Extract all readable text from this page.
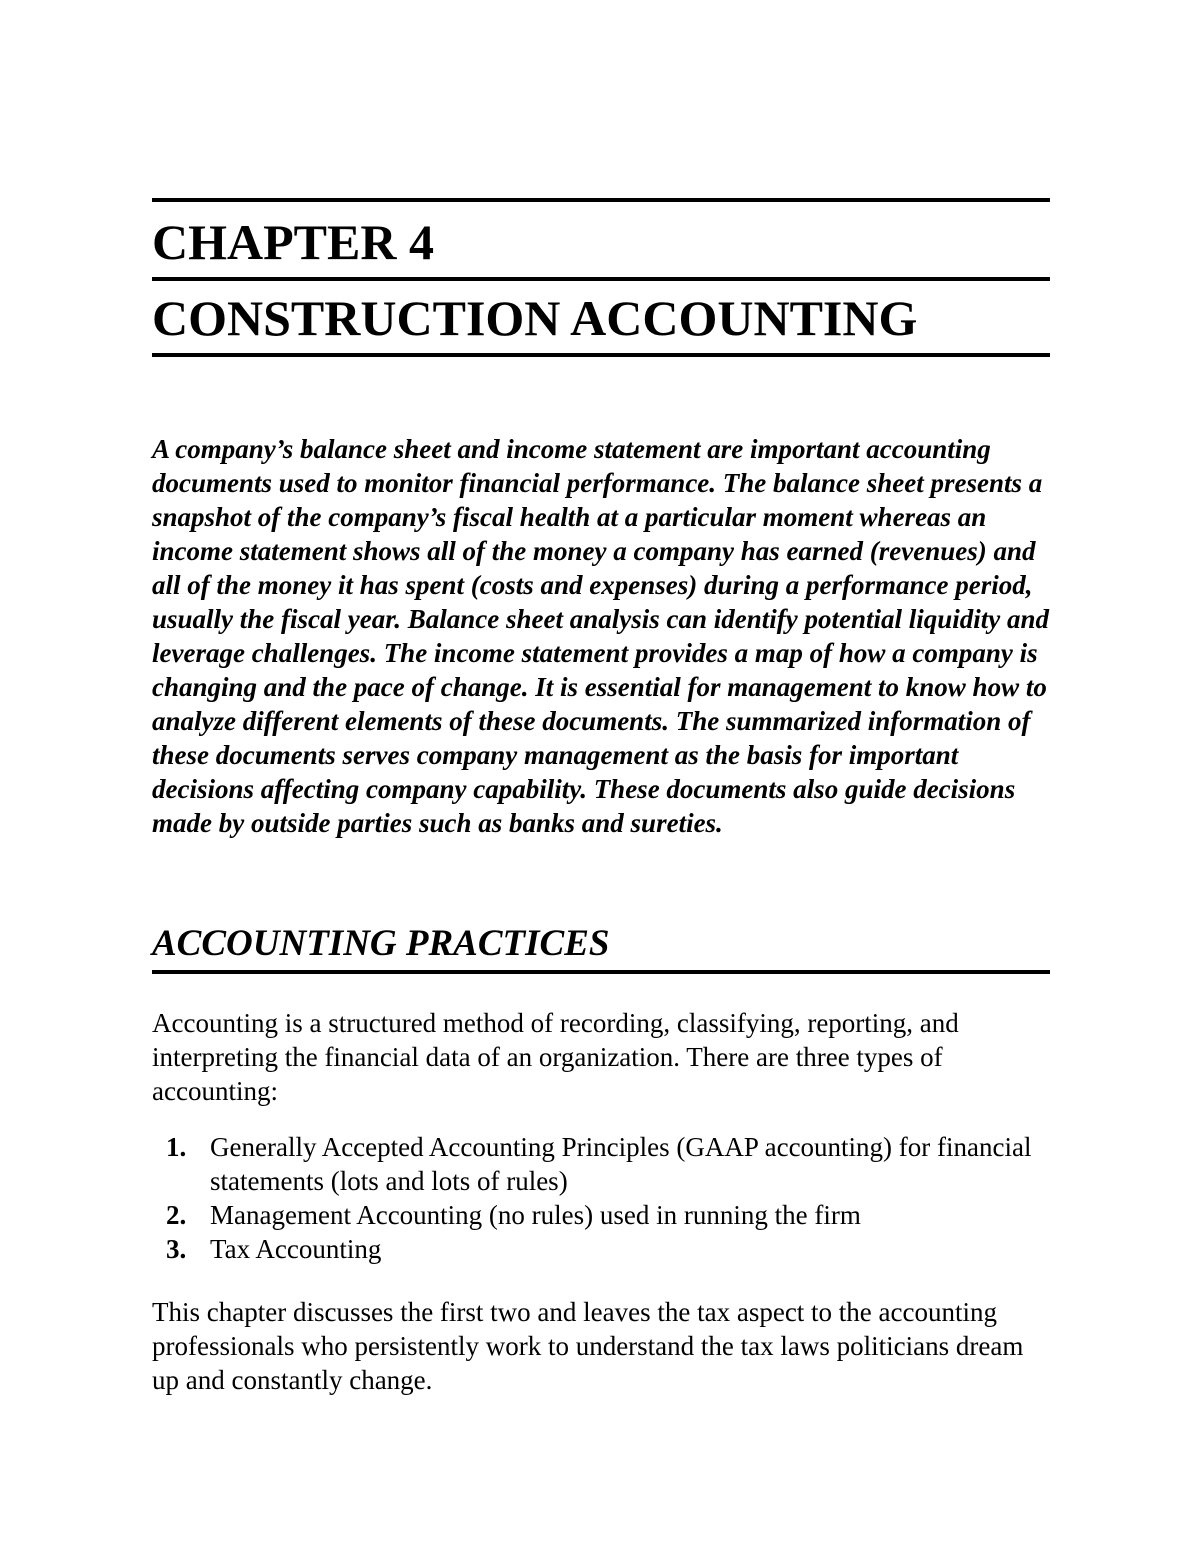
CHAPTER 4
CONSTRUCTION ACCOUNTING

A company’s balance sheet and income statement are important accounting documents used to monitor financial performance. The balance sheet presents a snapshot of the company’s fiscal health at a particular moment whereas an income statement shows all of the money a company has earned (revenues) and all of the money it has spent (costs and expenses) during a performance period, usually the fiscal year. Balance sheet analysis can identify potential liquidity and leverage challenges. The income statement provides a map of how a company is changing and the pace of change. It is essential for management to know how to analyze different elements of these documents. The summarized information of these documents serves company management as the basis for important decisions affecting company capability. These documents also guide decisions made by outside parties such as banks and sureties.

ACCOUNTING PRACTICES

Accounting is a structured method of recording, classifying, reporting, and interpreting the financial data of an organization. There are three types of accounting:

1. Generally Accepted Accounting Principles (GAAP accounting) for financial statements (lots and lots of rules)
2. Management Accounting (no rules) used in running the firm
3. Tax Accounting

This chapter discusses the first two and leaves the tax aspect to the accounting professionals who persistently work to understand the tax laws politicians dream up and constantly change.
